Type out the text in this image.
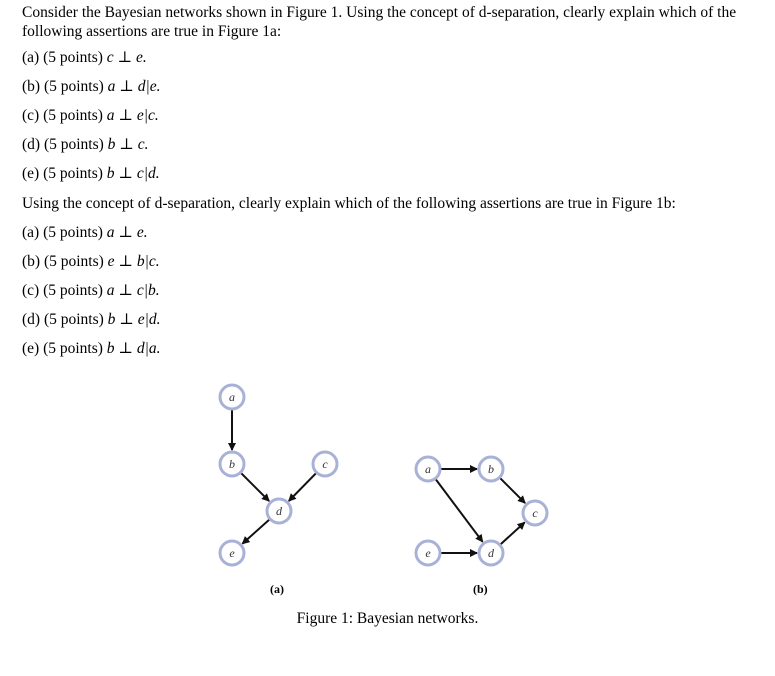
Consider the Bayesian networks shown in Figure 1. Using the concept of d-separation, clearly explain which of the following assertions are true in Figure 1a:

(a) (5 points) c ⊥ e.

(b) (5 points) a ⊥ d|e.

(c) (5 points) a ⊥ e|c.

(d) (5 points) b ⊥ c.

(e) (5 points) b ⊥ c|d.

Using the concept of d-separation, clearly explain which of the following assertions are true in Figure 1b:

(a) (5 points) a ⊥ e.

(b) (5 points) e ⊥ b|c.

(c) (5 points) a ⊥ c|b.

(d) (5 points) b ⊥ e|d.

(e) (5 points) b ⊥ d|a.

a
b	c
d
e
a	b
c
d
e
(a)	(b)
Figure 1: Bayesian networks.
